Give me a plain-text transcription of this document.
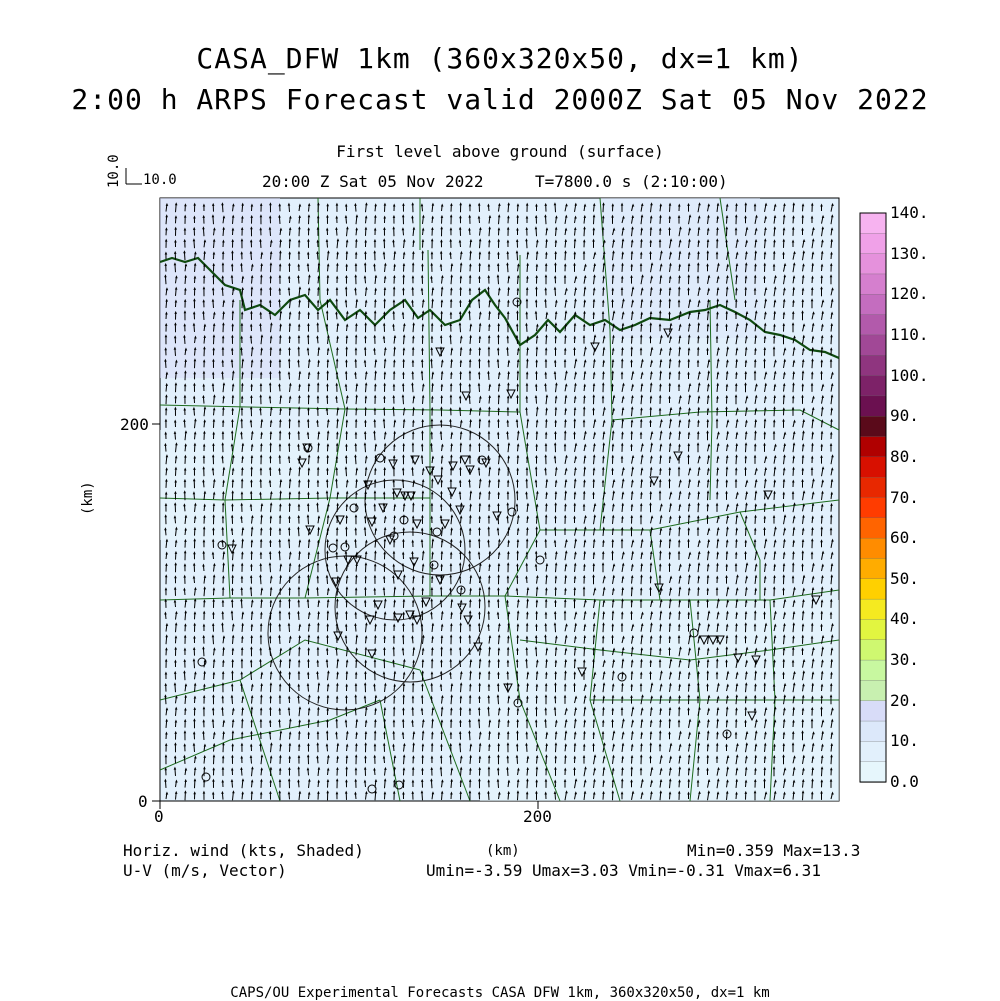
CASA_DFW 1km (360x320x50, dx=1 km)
2:00 h ARPS Forecast valid 2000Z Sat 05 Nov 2022
First level above ground (surface)
20:00 Z Sat 05 Nov 2022	T=7800.0 s (2:10:00)
10.0 10.0
0	200
0
200
(km)
140.
130.
120.
110.
100.
90.
80.
70.
60.
50.
40.
30.
20.
10.
0.0
Horiz. wind (kts, Shaded)
U-V (m/s, Vector)
(km)	Min=0.359 Max=13.3
Umin=-3.59 Umax=3.03 Vmin=-0.31 Vmax=6.31
CAPS/OU Experimental Forecasts CASA DFW 1km, 360x320x50, dx=1 km
